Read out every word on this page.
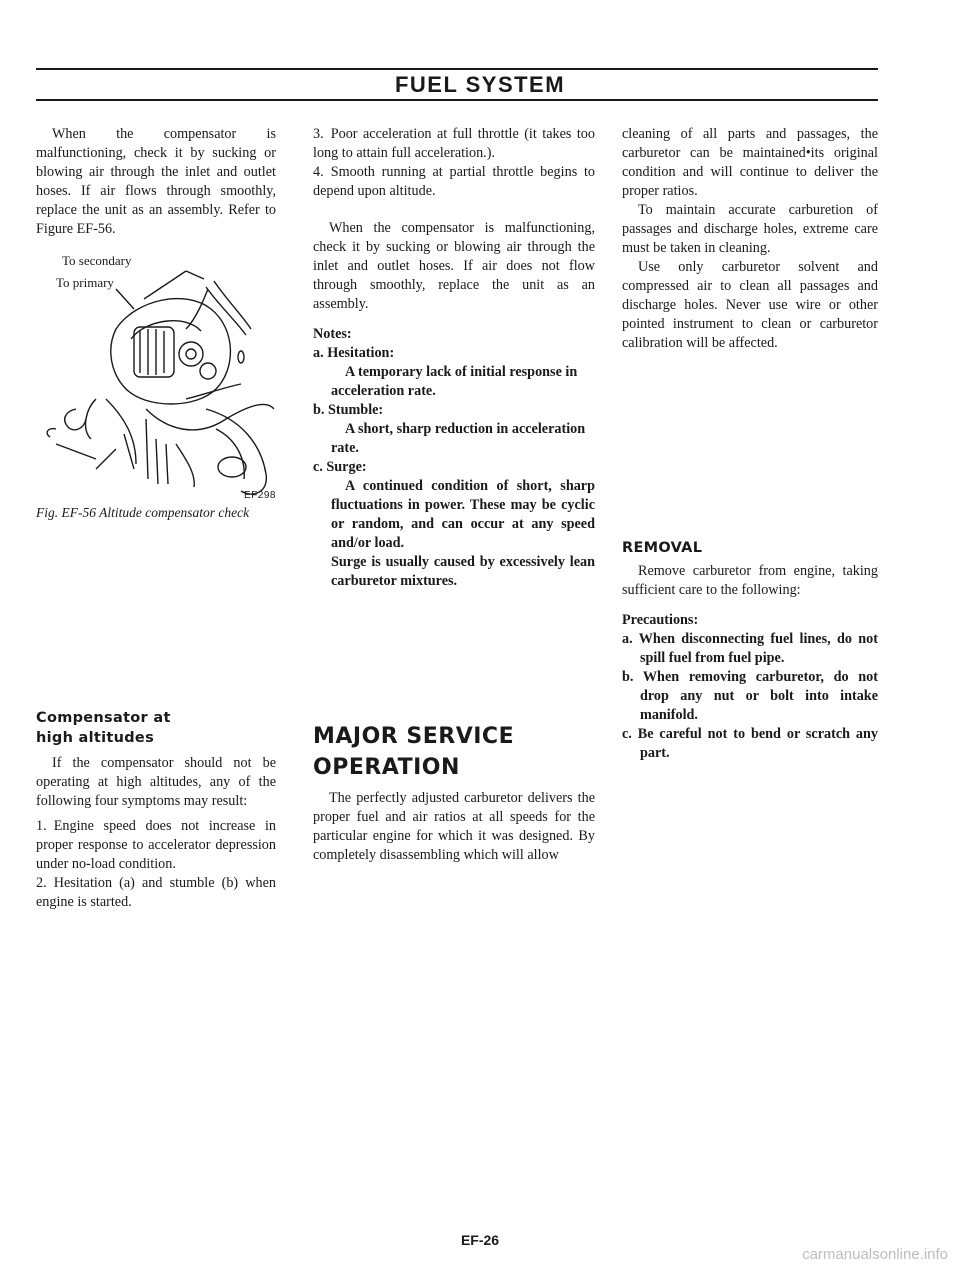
FUEL SYSTEM

When the compensator is malfunctioning, check it by sucking or blowing air through the inlet and outlet hoses. If air flows through smoothly, replace the unit as an assembly. Refer to Figure EF-56.

To secondary
To primary
EF298

Fig. EF-56 Altitude compensator check

Compensator at
high altitudes

If the compensator should not be operating at high altitudes, any of the following four symptoms may result:

1. Engine speed does not increase in proper response to accelerator depression under no-load condition.

2. Hesitation (a) and stumble (b) when engine is started.

3. Poor acceleration at full throttle (it takes too long to attain full acceleration.).

4. Smooth running at partial throttle begins to depend upon altitude.

When the compensator is malfunctioning, check it by sucking or blowing air through the inlet and outlet hoses. If air does not flow through smoothly, replace the unit as an assembly.

Notes:

a. Hesitation:

A temporary lack of initial response in acceleration rate.

b. Stumble:

A short, sharp reduction in acceleration rate.

c. Surge:

A continued condition of short, sharp fluctuations in power. These may be cyclic or random, and can occur at any speed and/or load.

Surge is usually caused by excessively lean carburetor mixtures.

MAJOR SERVICE
OPERATION

The perfectly adjusted carburetor delivers the proper fuel and air ratios at all speeds for the particular engine for which it was designed. By completely disassembling which will allow

cleaning of all parts and passages, the carburetor can be maintained•its original condition and will continue to deliver the proper ratios.

To maintain accurate carburetion of passages and discharge holes, extreme care must be taken in cleaning.

Use only carburetor solvent and compressed air to clean all passages and discharge holes. Never use wire or other pointed instrument to clean or carburetor calibration will be affected.

REMOVAL

Remove carburetor from engine, taking sufficient care to the following:

Precautions:

a. When disconnecting fuel lines, do not spill fuel from fuel pipe.

b. When removing carburetor, do not drop any nut or bolt into intake manifold.

c. Be careful not to bend or scratch any part.

EF-26
carmanualsonline.info
